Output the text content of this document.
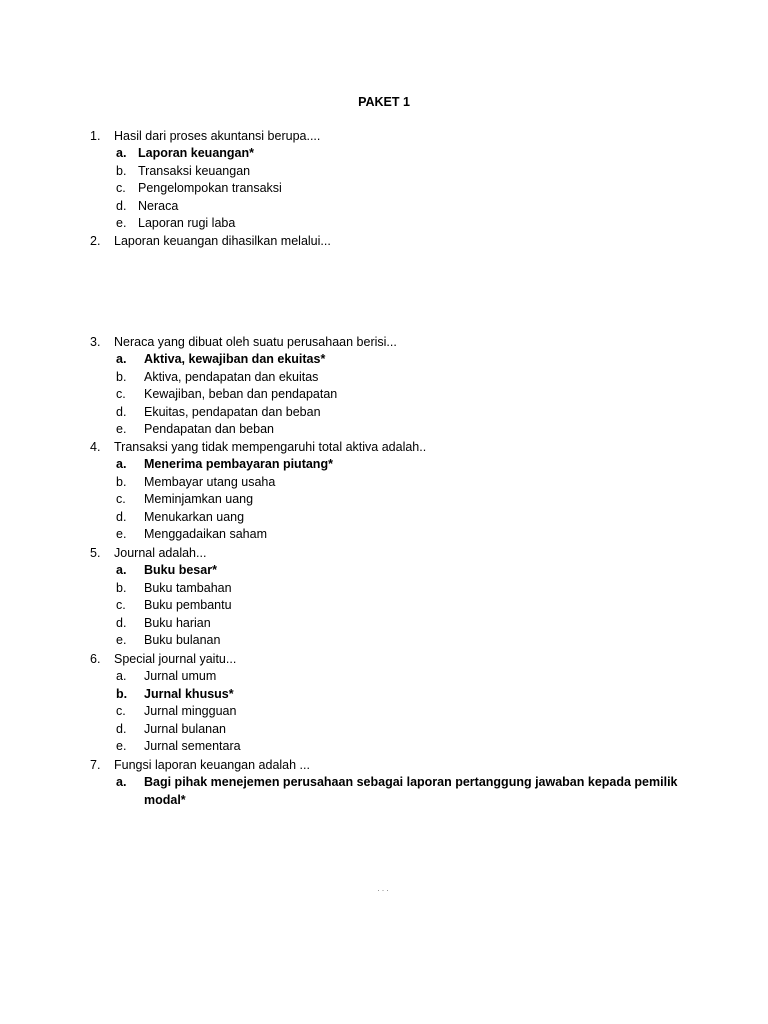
PAKET 1
1.	Hasil dari proses akuntansi berupa....
a. Laporan keuangan*
b. Transaksi keuangan
c. Pengelompokan transaksi
d. Neraca
e. Laporan rugi laba
2.	Laporan keuangan dihasilkan melalui...
3.	Neraca yang dibuat oleh suatu perusahaan berisi...
a.	Aktiva, kewajiban dan ekuitas*
b.	Aktiva, pendapatan dan ekuitas
c.	Kewajiban, beban dan pendapatan
d.	Ekuitas, pendapatan dan beban
e.	Pendapatan dan beban
4.	Transaksi yang tidak mempengaruhi total aktiva adalah..
a.	Menerima pembayaran piutang*
b.	Membayar utang usaha
c.	Meminjamkan uang
d.	Menukarkan uang
e.	Menggadaikan saham
5.	Journal adalah...
a.	Buku besar*
b.	Buku tambahan
c.	Buku pembantu
d.	Buku harian
e.	Buku bulanan
6.	Special journal yaitu...
a.	Jurnal umum
b.	Jurnal khusus*
c.	Jurnal mingguan
d.	Jurnal bulanan
e.	Jurnal sementara
7.	Fungsi laporan keuangan adalah ...
a.	Bagi pihak menejemen perusahaan sebagai laporan pertanggung jawaban kepada pemilik
modal*
...
